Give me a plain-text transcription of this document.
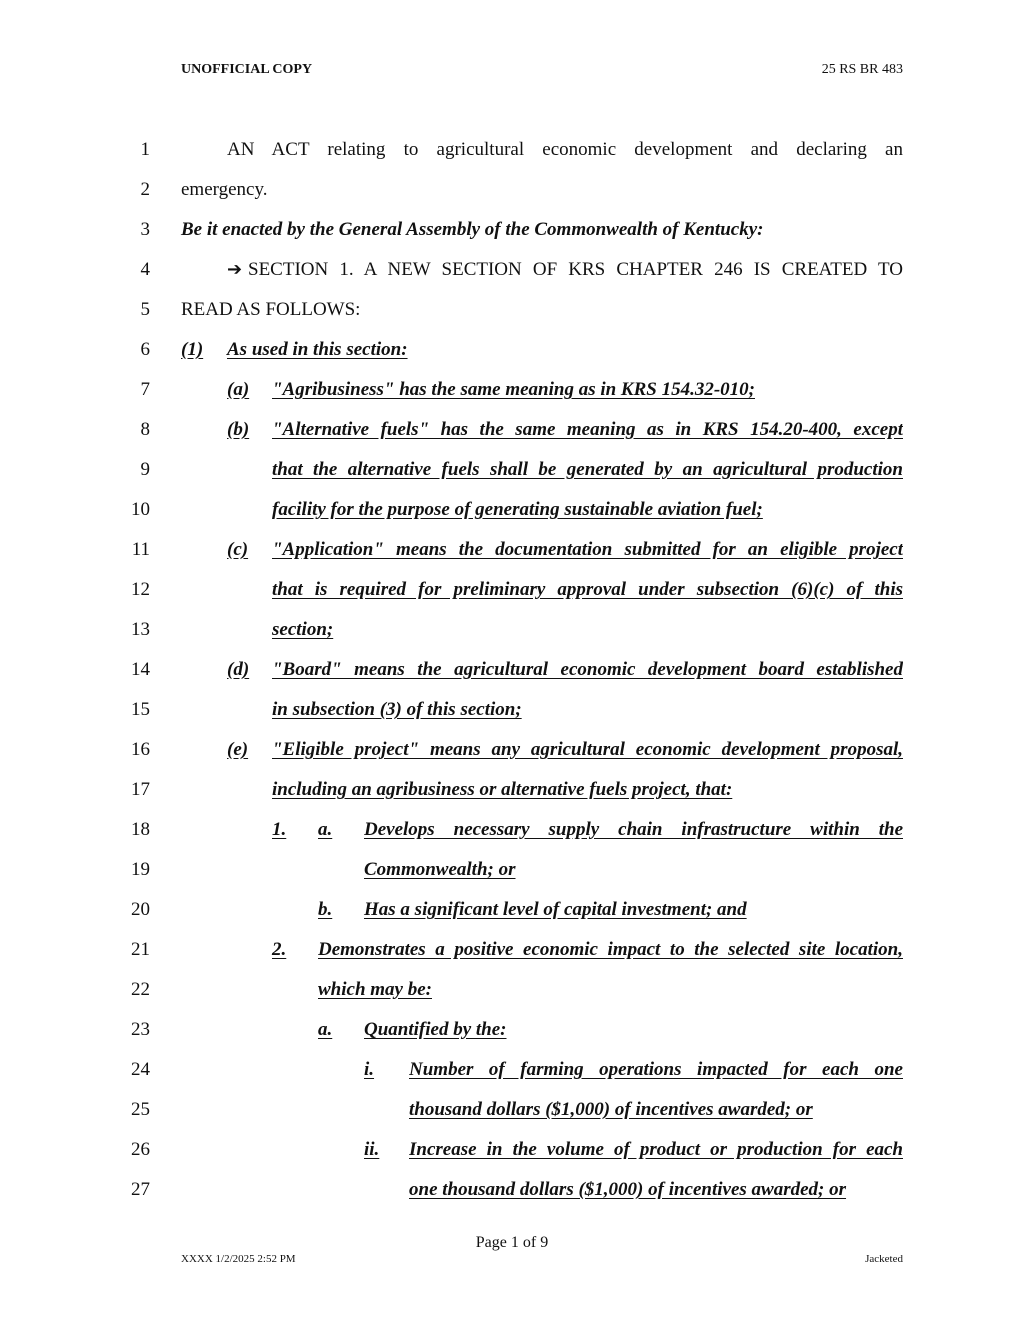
UNOFFICIAL COPY	25 RS BR 483
1	AN ACT relating to agricultural economic development and declaring an
2 emergency.
3 Be it enacted by the General Assembly of the Commonwealth of Kentucky:
4	➔ SECTION 1. A NEW SECTION OF KRS CHAPTER 246 IS CREATED TO
5 READ AS FOLLOWS:
6 (1) As used in this section:
7	(a) "Agribusiness" has the same meaning as in KRS 154.32-010;
8	(b) "Alternative fuels" has the same meaning as in KRS 154.20-400, except
9	that the alternative fuels shall be generated by an agricultural production
10	facility for the purpose of generating sustainable aviation fuel;
11	(c) "Application" means the documentation submitted for an eligible project
12	that is required for preliminary approval under subsection (6)(c) of this
13	section;
14	(d) "Board" means the agricultural economic development board established
15	in subsection (3) of this section;
16	(e) "Eligible project" means any agricultural economic development proposal,
17	including an agribusiness or alternative fuels project, that:
18	1. a. Develops necessary supply chain infrastructure within the
19	Commonwealth; or
20	b. Has a significant level of capital investment; and
21	2. Demonstrates a positive economic impact to the selected site location,
22	which may be:
23	a. Quantified by the:
24	i. Number of farming operations impacted for each one
25	thousand dollars ($1,000) of incentives awarded; or
26	ii. Increase in the volume of product or production for each
27	one thousand dollars ($1,000) of incentives awarded; or
Page 1 of 9
XXXX 1/2/2025 2:52 PM	Jacketed
